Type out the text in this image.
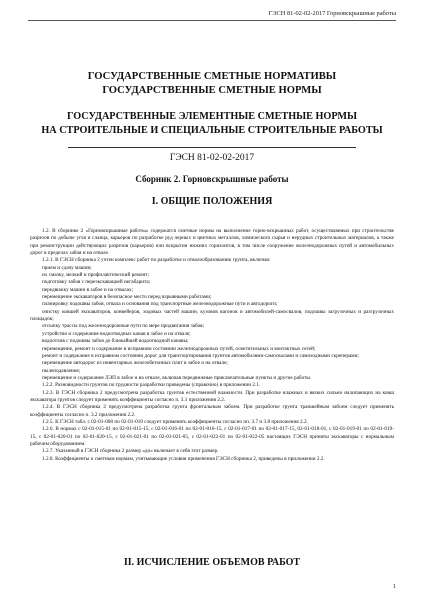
ГЭСН 81-02-02-2017 Горновскрышные работы

ГОСУДАРСТВЕННЫЕ СМЕТНЫЕ НОРМАТИВЫ

ГОСУДАРСТВЕННЫЕ СМЕТНЫЕ НОРМЫ

ГОСУДАРСТВЕННЫЕ ЭЛЕМЕНТНЫЕ СМЕТНЫЕ НОРМЫ

НА СТРОИТЕЛЬНЫЕ И СПЕЦИАЛЬНЫЕ СТРОИТЕЛЬНЫЕ РАБОТЫ

ГЭСН 81-02-02-2017

Сборник 2. Горновскрышные работы

I. ОБЩИЕ ПОЛОЖЕНИЯ

1.2. В сборнике 2 «Горновскрышные работы» содержатся сметные нормы на выполнение горно-вскрышных работ, осуществляемых при строительстве разрезов по добыче угля и сланца, карьеров по разработке руд черных и цветных металлов, химического сырья и нерудных строительных материалов, а также при реконструкции действующих разрезов (карьеров) или вскрытии нижних горизонтов, в том числе сооружение железнодорожных путей и автомобильных дорог в пределах забоя и на отвале.

1.2.1. В ГЭСН сборника 2 учтен комплекс работ по разработке и отвалообразованию грунта, включая:

прием и сдачу машин;

их смазку, мелкий и профилактический ремонт;

подготовку забоя с переэкскавацией негабарита;

передвижку машин в забое и на отвалах;

перемещение экскаваторов в безопасное место перед взрывными работами;

планировку подошвы забоя, отвала и основания под транспортные железнодорожные пути и автодороги;

очистку ковшей экскаваторов, конвейеров, ходовых частей машин, кузовов вагонов и автомобилей-самосвалов, подошвы загрузочных и разгрузочных площадок;

отсыпку трассы под железнодорожные пути по мере продвигания забоя;

устройство и содержание водоотводных канав в забое и на отвале;

водоотлив с подошвы забоя до ближайшей водоотводной канавы;

перемещение, ремонт и содержание в исправном состоянии железнодорожных путей, осветительных и контактных сетей;

ремонт и содержание в исправном состоянии дорог для транспортирования грунтов автомобилями-самосвалами и самоходными скреперами;

перемещение автодорог из инвентарных железобетонных плит в забое и на отвале;

пылеподавление;

перемещение и содержание ЛЭП в забое и на отвале, включая передвижные приключательные пункты и другие работы.

1.2.2. Разновидности грунтов по трудности разработки приведены (справочно) в приложении 2.1.

1.2.3. В ГЭСН сборника 2 предусмотрена разработка грунтов естественной влажности. При разработке влажных и вязких сильно налипающих на ковш экскаватора грунтов следует применять коэффициенты согласно п. 3.1 приложения 2.2.

1.2.4. В ГЭСН сборника 2 предусмотрена разработка грунта фронтальным забоем. При разработке грунта траншейным забоем следует применять коэффициенты согласно п. 3.2 приложения 2.2.

1.2.5. К ГЭСН табл. с 02-01-008 по 02-01-010 следует применять коэффициенты согласно пп. 3.7 и 3.8 приложения 2.2.

1.2.6. В нормах с 02-01-015-01 по 02-01-015-15, с 02-01-016-01 по 02-01-016-15, с 02-01-017-01 по 02-01-017-15, 02-01-018-01, с 02-01-019-01 по 02-01-019-15, с 02-01-020-01 по 02-01-020-15, с 02-01-021-01 по 02-01-021-05, с 02-01-022-01 по 02-01-022-05 настоящих ГЭСН приняты экскаваторы с нормальным рабочим оборудованием.

1.2.7. Указанный в ГЭСН сборника 2 размер «до» включает в себя этот размер.

1.2.8. Коэффициенты к сметным нормам, учитывающие условия применения ГЭСН сборника 2, приведены в приложении 2.2.

II. ИСЧИСЛЕНИЕ ОБЪЕМОВ РАБОТ
1
